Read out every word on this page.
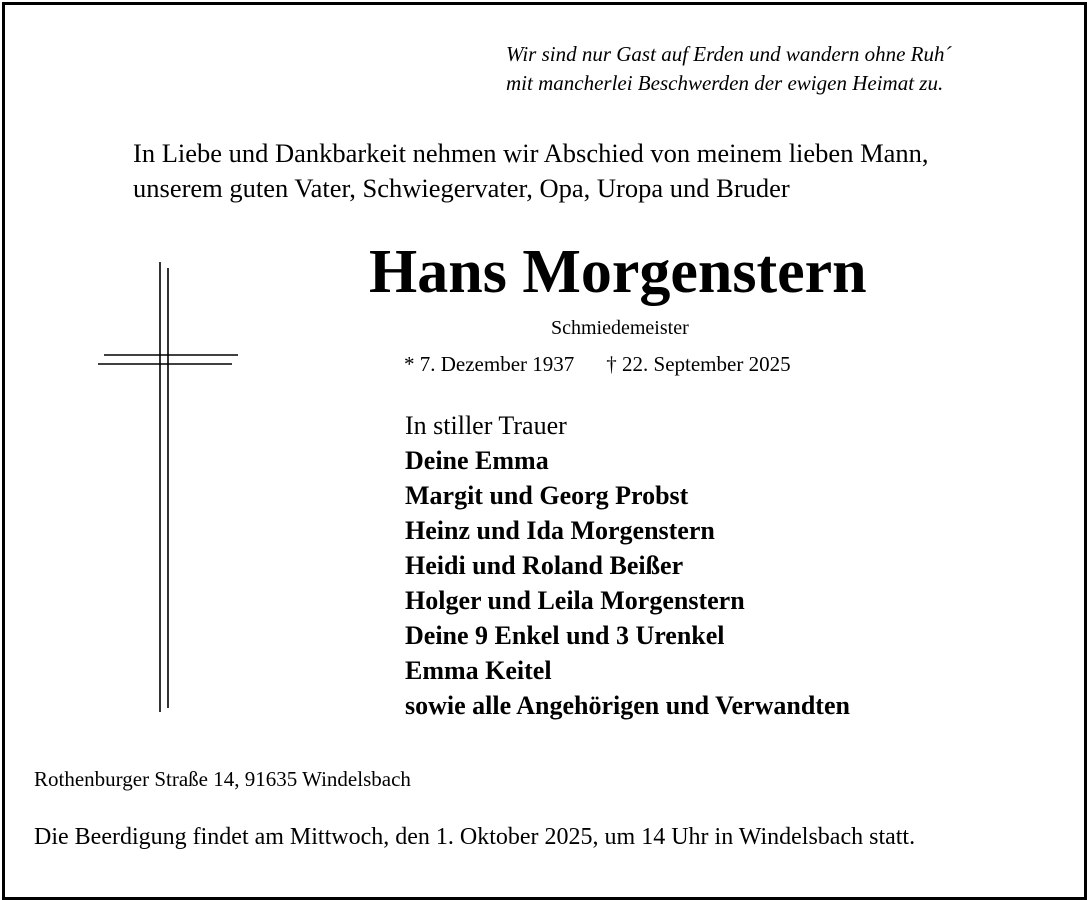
Wir sind nur Gast auf Erden und wandern ohne Ruh´
mit mancherlei Beschwerden der ewigen Heimat zu.
In Liebe und Dankbarkeit nehmen wir Abschied von meinem lieben Mann,
unserem guten Vater, Schwiegervater, Opa, Uropa und Bruder
Hans Morgenstern
Schmiedemeister
* 7. Dezember 1937 † 22. September 2025
In stiller Trauer
Deine Emma
Margit und Georg Probst
Heinz und Ida Morgenstern
Heidi und Roland Beißer
Holger und Leila Morgenstern
Deine 9 Enkel und 3 Urenkel
Emma Keitel
sowie alle Angehörigen und Verwandten
Rothenburger Straße 14, 91635 Windelsbach
Die Beerdigung findet am Mittwoch, den 1. Oktober 2025, um 14 Uhr in Windelsbach statt.
